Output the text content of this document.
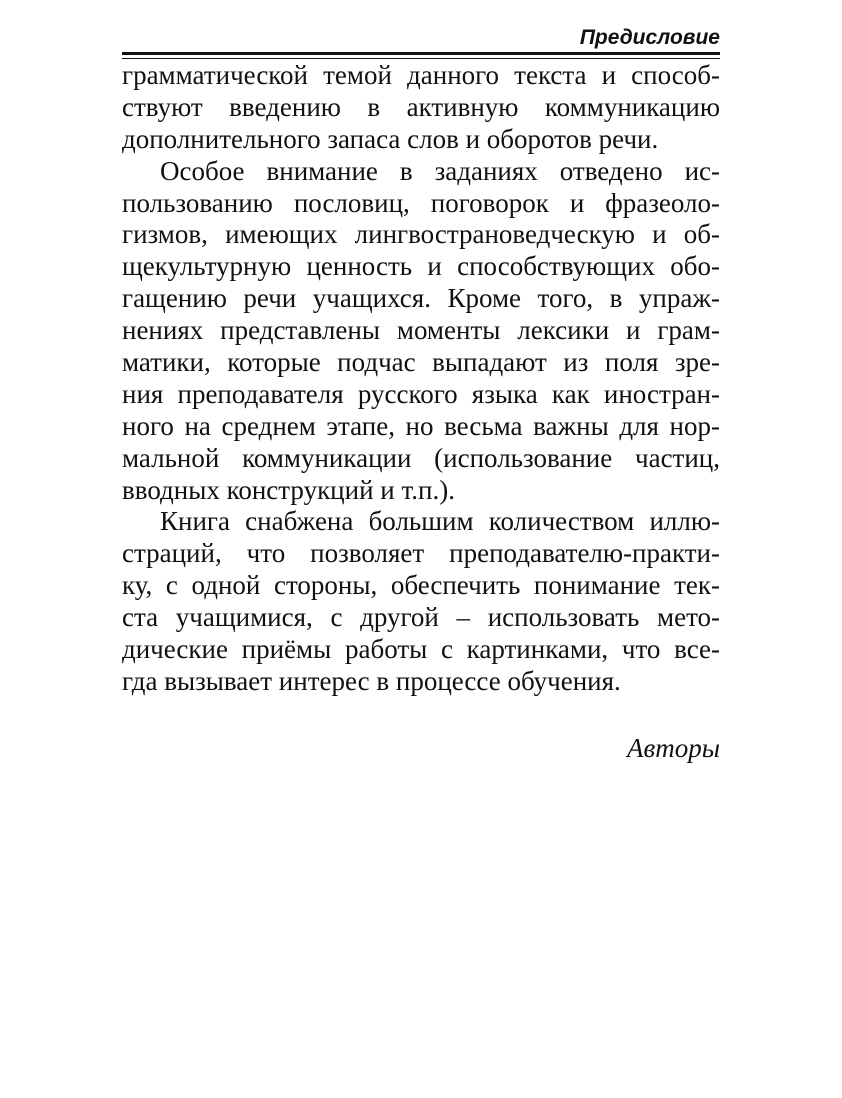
Предисловие
грамматической темой данного текста и способ-
ствуют введению в активную коммуникацию
дополнительного запаса слов и оборотов речи.
Особое внимание в заданиях отведено ис-
пользованию пословиц, поговорок и фразеоло-
гизмов, имеющих лингвострановедческую и об-
щекультурную ценность и способствующих обо-
гащению речи учащихся. Кроме того, в упраж-
нениях представлены моменты лексики и грам-
матики, которые подчас выпадают из поля зре-
ния преподавателя русского языка как иностран-
ного на среднем этапе, но весьма важны для нор-
мальной коммуникации (использование частиц,
вводных конструкций и т.п.).
Книга снабжена большим количеством иллю-
страций, что позволяет преподавателю-практи-
ку, с одной стороны, обеспечить понимание тек-
ста учащимися, с другой – использовать мето-
дические приёмы работы с картинками, что все-
гда вызывает интерес в процессе обучения.
Авторы
